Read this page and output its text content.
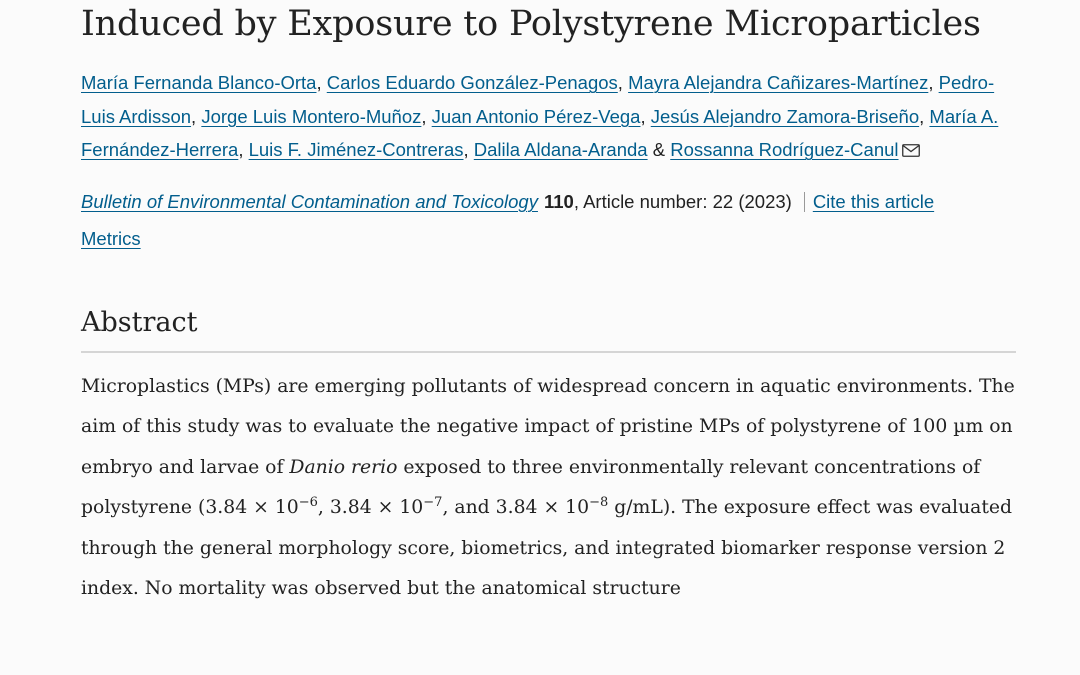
Induced by Exposure to Polystyrene Microparticles
María Fernanda Blanco-Orta, Carlos Eduardo González-Penagos, Mayra Alejandra Cañizares-Martínez, Pedro-Luis Ardisson, Jorge Luis Montero-Muñoz, Juan Antonio Pérez-Vega, Jesús Alejandro Zamora-Briseño, María A. Fernández-Herrera, Luis F. Jiménez-Contreras, Dalila Aldana-Aranda & Rossanna Rodríguez-Canul
Bulletin of Environmental Contamination and Toxicology 110, Article number: 22 (2023) Cite this article
Metrics
Abstract
Microplastics (MPs) are emerging pollutants of widespread concern in aquatic environments. The aim of this study was to evaluate the negative impact of pristine MPs of polystyrene of 100 µm on embryo and larvae of Danio rerio exposed to three environmentally relevant concentrations of polystyrene ($3.84 \times 10^{-6}$, $3.84 \times 10^{-7}$, and $3.84 \times 10^{-8}$ g/mL). The exposure effect was evaluated through the general morphology score, biometrics, and integrated biomarker response version 2 index. No mortality was observed but the anatomical structure
